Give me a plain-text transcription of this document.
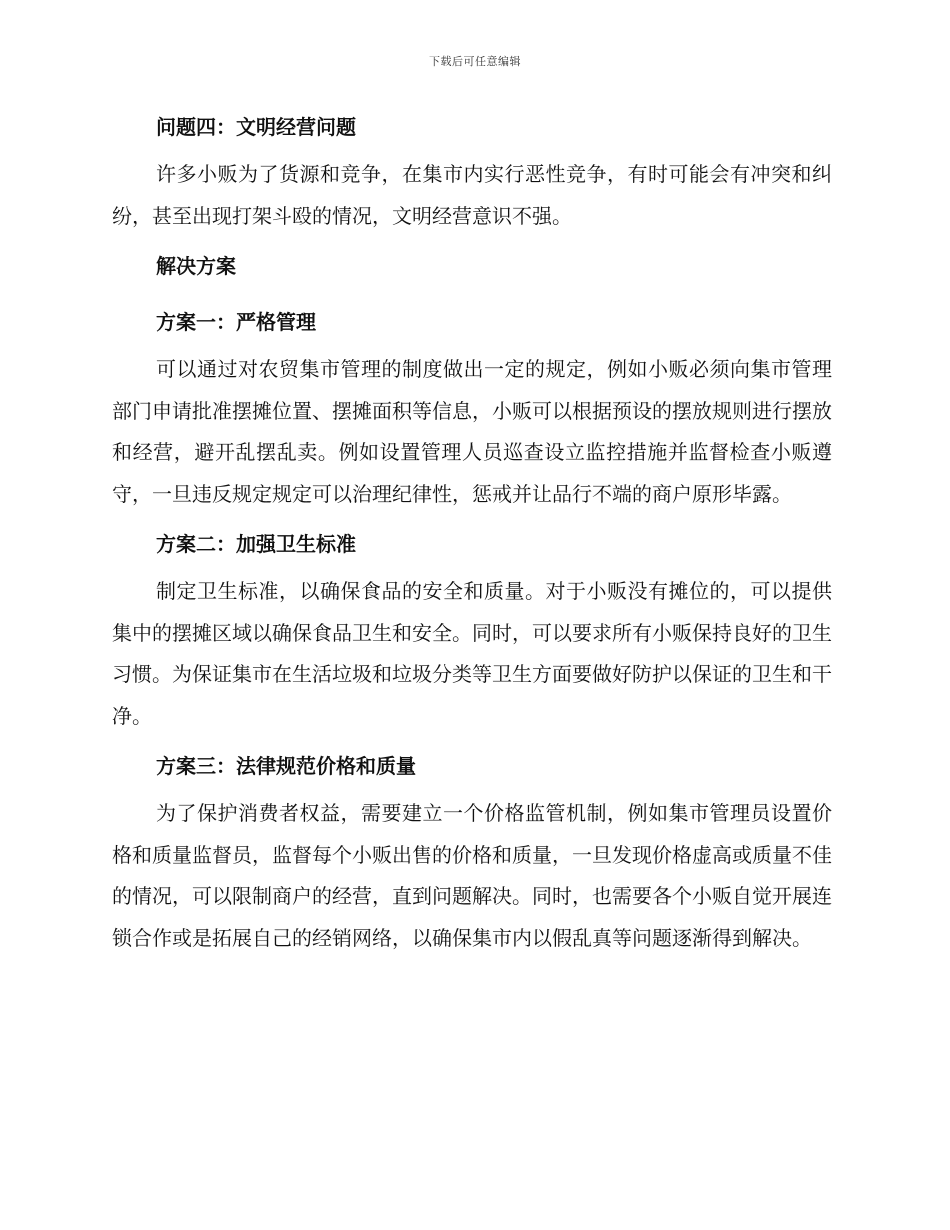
下载后可任意编辑

问题四：文明经营问题

许多小贩为了货源和竞争，在集市内实行恶性竞争，有时可能会有冲突和纠纷，甚至出现打架斗殴的情况，文明经营意识不强。

解决方案

方案一：严格管理

可以通过对农贸集市管理的制度做出一定的规定，例如小贩必须向集市管理部门申请批准摆摊位置、摆摊面积等信息，小贩可以根据预设的摆放规则进行摆放和经营，避开乱摆乱卖。例如设置管理人员巡查设立监控措施并监督检查小贩遵守，一旦违反规定规定可以治理纪律性，惩戒并让品行不端的商户原形毕露。

方案二：加强卫生标准

制定卫生标准，以确保食品的安全和质量。对于小贩没有摊位的，可以提供集中的摆摊区域以确保食品卫生和安全。同时，可以要求所有小贩保持良好的卫生习惯。为保证集市在生活垃圾和垃圾分类等卫生方面要做好防护以保证的卫生和干净。

方案三：法律规范价格和质量

为了保护消费者权益，需要建立一个价格监管机制，例如集市管理员设置价格和质量监督员，监督每个小贩出售的价格和质量，一旦发现价格虚高或质量不佳的情况，可以限制商户的经营，直到问题解决。同时，也需要各个小贩自觉开展连锁合作或是拓展自己的经销网络，以确保集市内以假乱真等问题逐渐得到解决。
